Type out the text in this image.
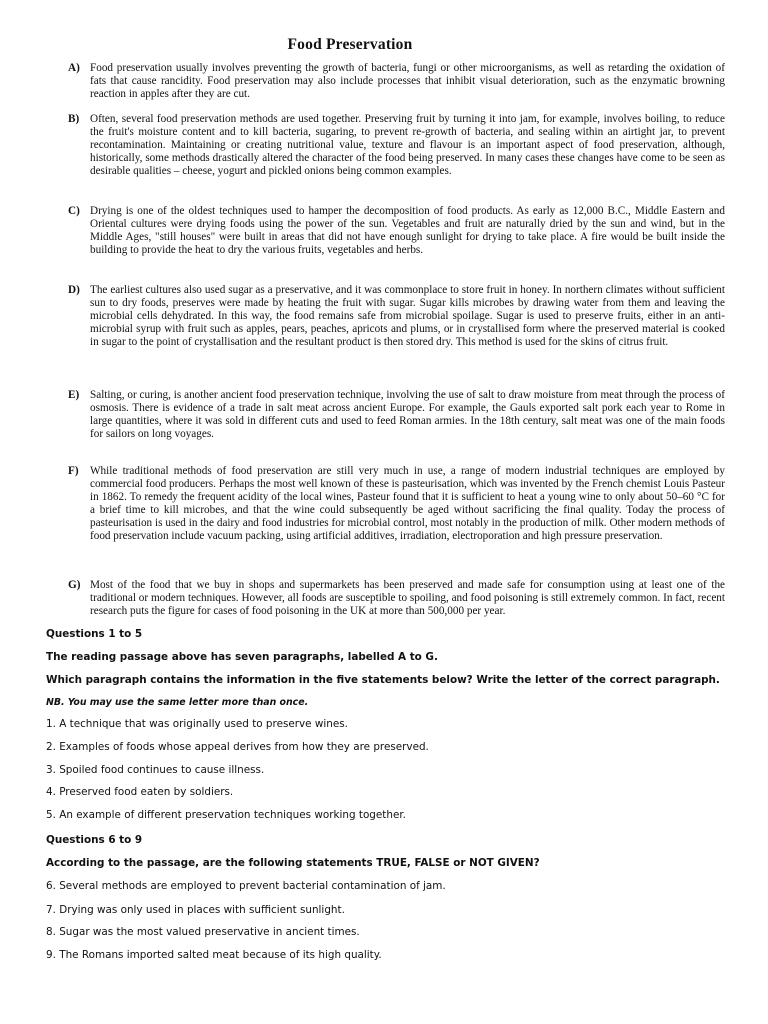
Food Preservation
A) Food preservation usually involves preventing the growth of bacteria, fungi or other microorganisms, as well as retarding the oxidation of fats that cause rancidity. Food preservation may also include processes that inhibit visual deterioration, such as the enzymatic browning reaction in apples after they are cut.
B) Often, several food preservation methods are used together. Preserving fruit by turning it into jam, for example, involves boiling, to reduce the fruit's moisture content and to kill bacteria, sugaring, to prevent re-growth of bacteria, and sealing within an airtight jar, to prevent recontamination. Maintaining or creating nutritional value, texture and flavour is an important aspect of food preservation, although, historically, some methods drastically altered the character of the food being preserved. In many cases these changes have come to be seen as desirable qualities – cheese, yogurt and pickled onions being common examples.
C) Drying is one of the oldest techniques used to hamper the decomposition of food products. As early as 12,000 B.C., Middle Eastern and Oriental cultures were drying foods using the power of the sun. Vegetables and fruit are naturally dried by the sun and wind, but in the Middle Ages, "still houses" were built in areas that did not have enough sunlight for drying to take place. A fire would be built inside the building to provide the heat to dry the various fruits, vegetables and herbs.
D) The earliest cultures also used sugar as a preservative, and it was commonplace to store fruit in honey. In northern climates without sufficient sun to dry foods, preserves were made by heating the fruit with sugar. Sugar kills microbes by drawing water from them and leaving the microbial cells dehydrated. In this way, the food remains safe from microbial spoilage. Sugar is used to preserve fruits, either in an anti-microbial syrup with fruit such as apples, pears, peaches, apricots and plums, or in crystallised form where the preserved material is cooked in sugar to the point of crystallisation and the resultant product is then stored dry. This method is used for the skins of citrus fruit.
E) Salting, or curing, is another ancient food preservation technique, involving the use of salt to draw moisture from meat through the process of osmosis. There is evidence of a trade in salt meat across ancient Europe. For example, the Gauls exported salt pork each year to Rome in large quantities, where it was sold in different cuts and used to feed Roman armies. In the 18th century, salt meat was one of the main foods for sailors on long voyages.
F)	While traditional methods of food preservation are still very much in use, a range of modern industrial techniques are employed by commercial food producers. Perhaps the most well known of these is pasteurisation, which was invented by the French chemist Louis Pasteur in 1862. To remedy the frequent acidity of the local wines, Pasteur found that it is sufficient to heat a young wine to only about 50–60 °C for a brief time to kill microbes, and that the wine could subsequently be aged without sacrificing the final quality. Today the process of pasteurisation is used in the dairy and food industries for microbial control, most notably in the production of milk. Other modern methods of food preservation include vacuum packing, using artificial additives, irradiation, electroporation and high pressure preservation.
G) Most of the food that we buy in shops and supermarkets has been preserved and made safe for consumption using at least one of the traditional or modern techniques. However, all foods are susceptible to spoiling, and food poisoning is still extremely common. In fact, recent research puts the figure for cases of food poisoning in the UK at more than 500,000 per year.
Questions 1 to 5
The reading passage above has seven paragraphs, labelled A to G.
Which paragraph contains the information in the five statements below? Write the letter of the correct paragraph.
NB. You may use the same letter more than once.
1. A technique that was originally used to preserve wines.
2. Examples of foods whose appeal derives from how they are preserved.
3. Spoiled food continues to cause illness.
4. Preserved food eaten by soldiers.
5. An example of different preservation techniques working together.
Questions 6 to 9
According to the passage, are the following statements TRUE, FALSE or NOT GIVEN?
6. Several methods are employed to prevent bacterial contamination of jam.
7. Drying was only used in places with sufficient sunlight.
8. Sugar was the most valued preservative in ancient times.
9. The Romans imported salted meat because of its high quality.
